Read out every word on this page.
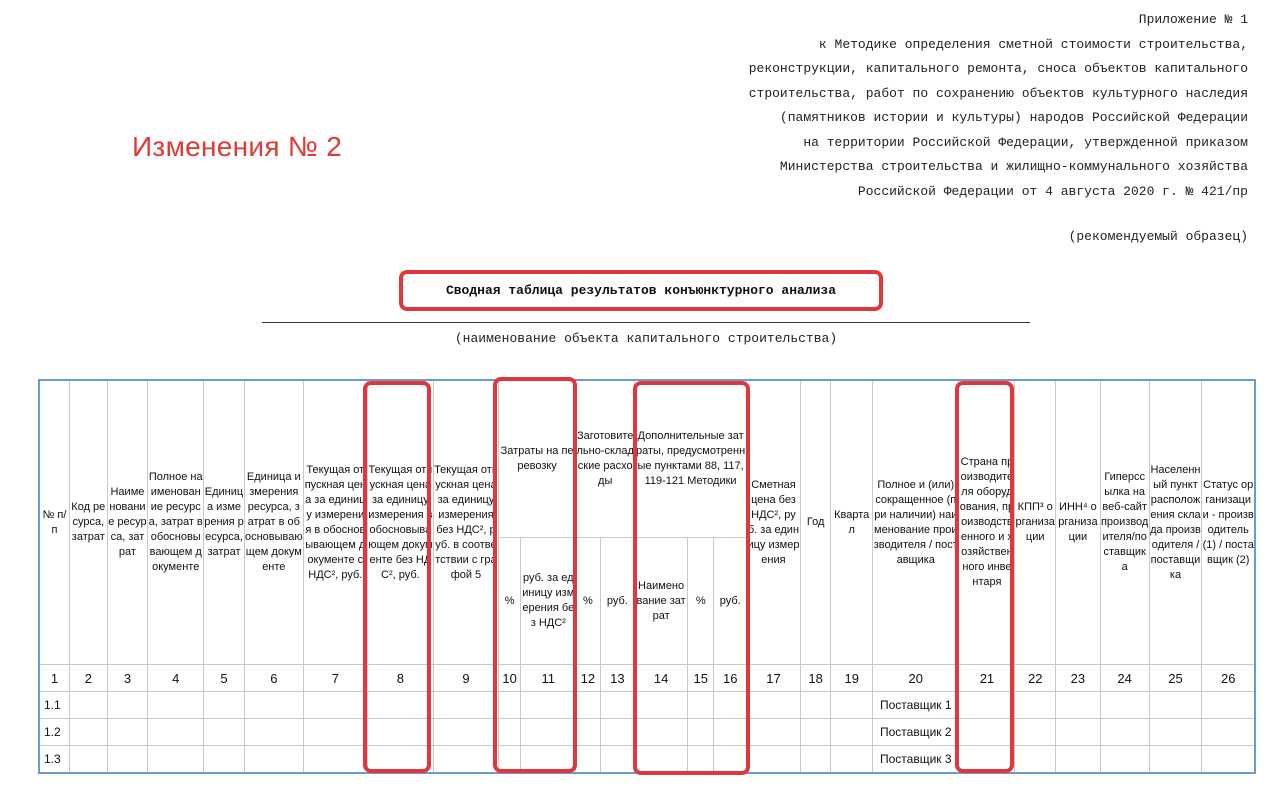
Приложение № 1
к Методике определения сметной стоимости строительства,
реконструкции, капитального ремонта, сноса объектов капитального
строительства, работ по сохранению объектов культурного наследия
(памятников истории и культуры) народов Российской Федерации
на территории Российской Федерации, утвержденной приказом
Министерства строительства и жилищно-коммунального хозяйства
Российской Федерации от 4 августа 2020 г. № 421/пр
Изменения № 2
(рекомендуемый образец)
Сводная таблица результатов конъюнктурного анализа
(наименование объекта капитального строительства)
№ п/п	Код ресурса, затрат	Наименование ресурса, затрат	Полное наименование ресурса, затрат в обосновывающем документе	Единица измерения ресурса, затрат	Единица измерения ресурса, затрат в обосновывающем документе	Текущая отпускная цена за единицу измерения в обосновывающем документе с НДС², руб.	Текущая отпускная цена за единицу измерения в обосновывающем документе без НДС², руб.	Текущая отпускная цена за единицу измерения без НДС², руб. в соответствии с графой 5	Затраты на перевозку		Заготовительно-складские расходы		Дополнительные затраты, предусмотренные пунктами 88, 117, 119-121 Методики			Сметная цена без НДС², руб. за единицу измерения	Год	Квартал	Полное и (или) сокращенное (при наличии) наименование производителя / поставщика	Страна производителя оборудования, производственного и хозяйственного инвентаря	КПП³ организации	ИНН⁴ организации	Гиперссылка на веб-сайт производителя/поставщика	Населенный пункт расположения склада производителя / поставщика	Статус организации - производитель (1) / поставщик (2)
									%	руб. за единицу измерения без НДС²	%	руб.	Наименование затрат	%	руб.										
1	2	3	4	5	6	7	8	9	10	11	12	13	14	15	16	17	18	19	20	21	22	23	24	25	26
1.1																			Поставщик 1						
1.2																			Поставщик 2						
1.3																			Поставщик 3						
